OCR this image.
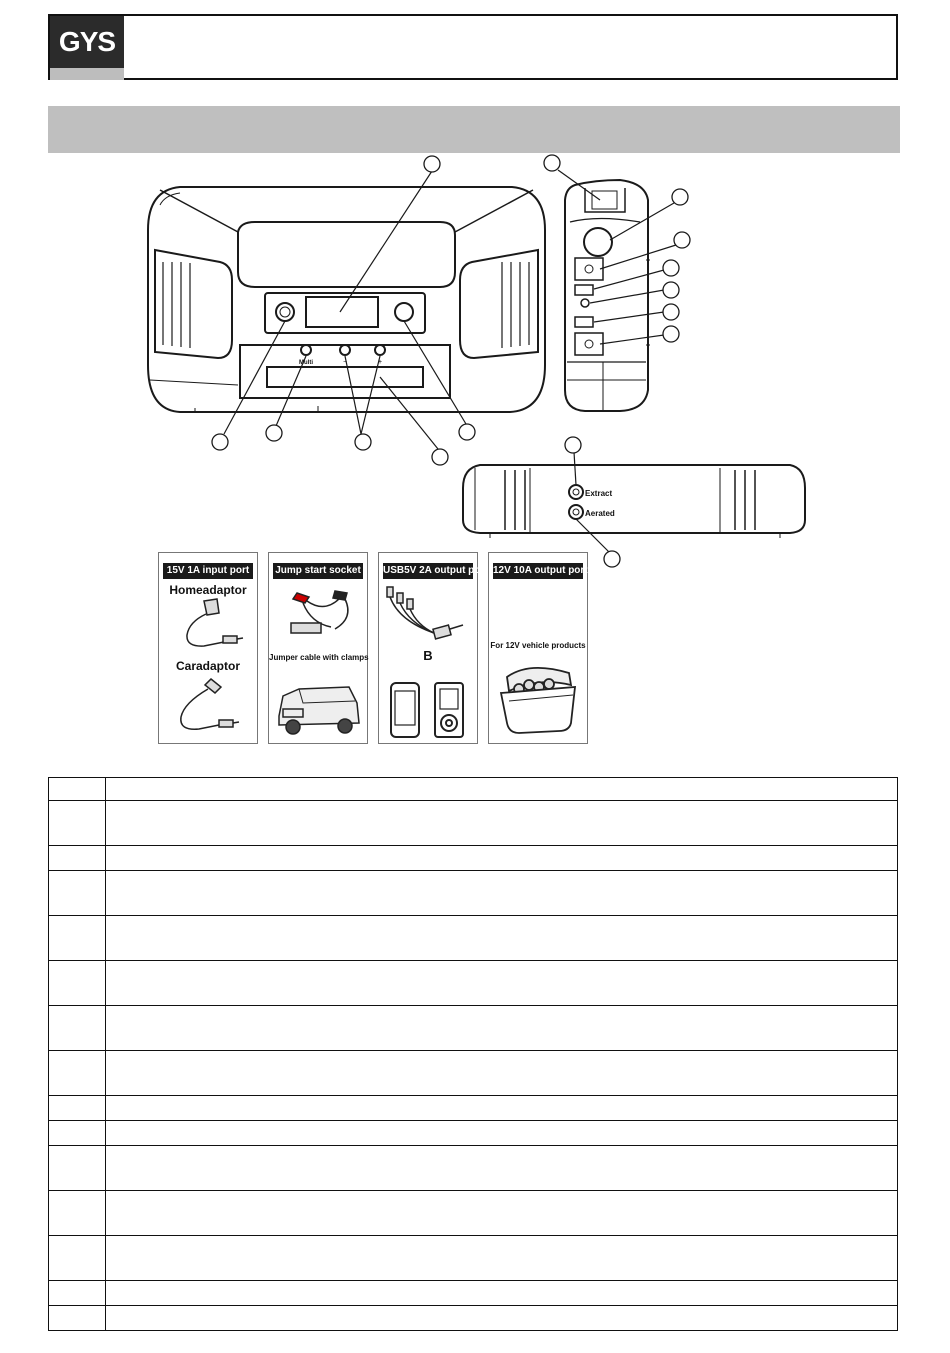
GYS
Multi	−	+
Extract
Aerated
15V 1A input port
Homeadaptor
Caradaptor
Jump start socket
Jumper cable with clamps
USB5V 2A output port
B
12V 10A output port
For 12V vehicle products
